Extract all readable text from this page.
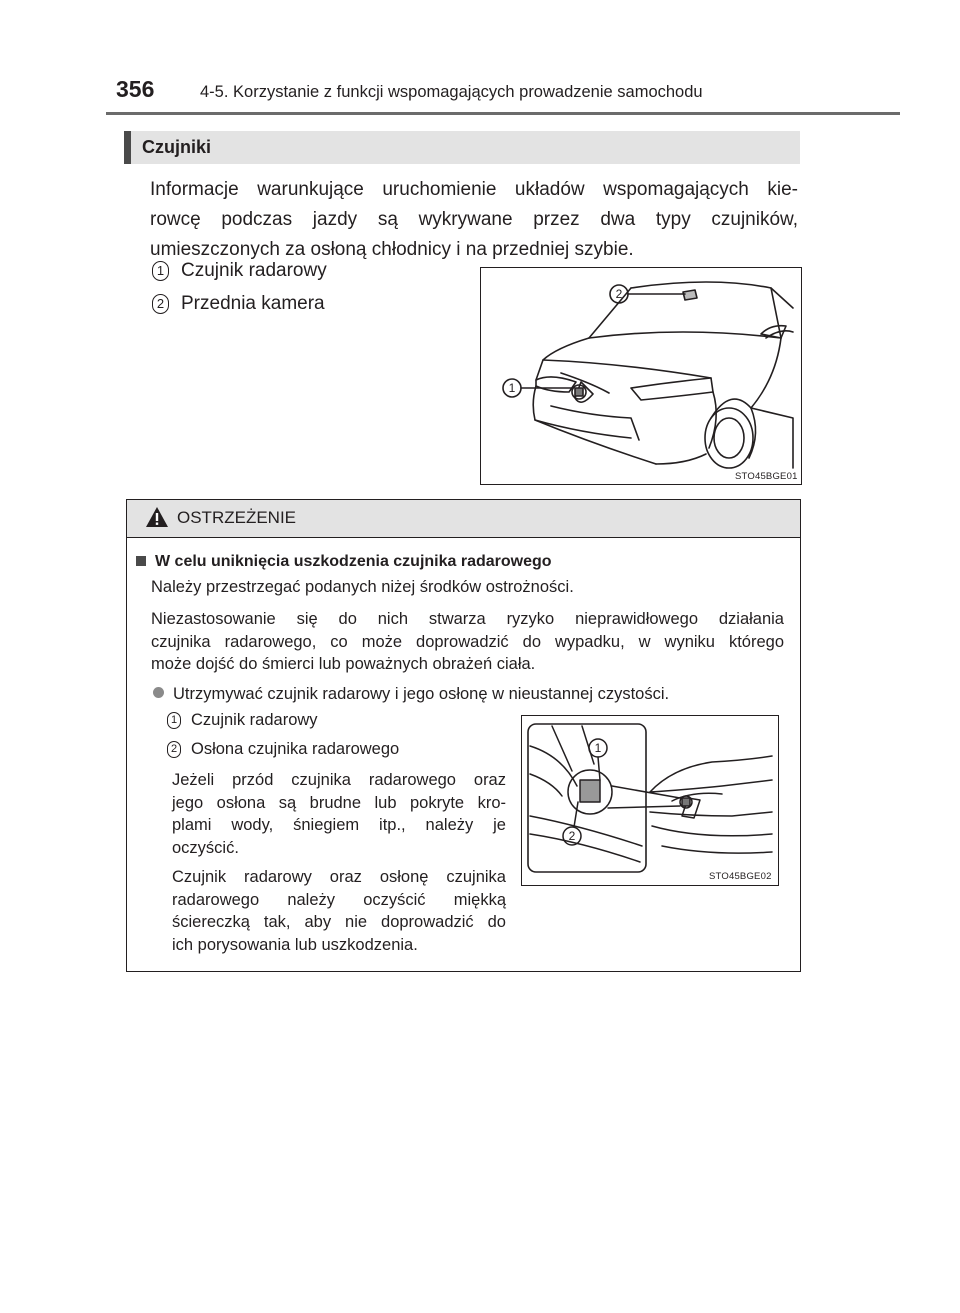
356	4-5. Korzystanie z funkcji wspomagających prowadzenie samochodu
Czujniki
Informacje warunkujące uruchomienie układów wspomagających kie-
rowcę podczas jazdy są wykrywane przez dwa typy czujników,
umieszczonych za osłoną chłodnicy i na przedniej szybie.
1 Czujnik radarowy
2 Przednia kamera	2
1
STO45BGE01
OSTRZEŻENIE
W celu uniknięcia uszkodzenia czujnika radarowego
Należy przestrzegać podanych niżej środków ostrożności.
Niezastosowanie się do nich stwarza ryzyko nieprawidłowego działania
czujnika radarowego, co może doprowadzić do wypadku, w wyniku którego
może dojść do śmierci lub poważnych obrażeń ciała.
Utrzymywać czujnik radarowy i jego osłonę w nieustannej czystości.
1 Czujnik radarowy
2 Osłona czujnika radarowego
Jeżeli przód czujnika radarowego oraz
jego osłona są brudne lub pokryte kro-
plami wody, śniegiem itp., należy je
oczyścić.
Czujnik radarowy oraz osłonę czujnika
radarowego należy oczyścić miękką
ściereczką tak, aby nie doprowadzić do
ich porysowania lub uszkodzenia.
1
2
STO45BGE02
